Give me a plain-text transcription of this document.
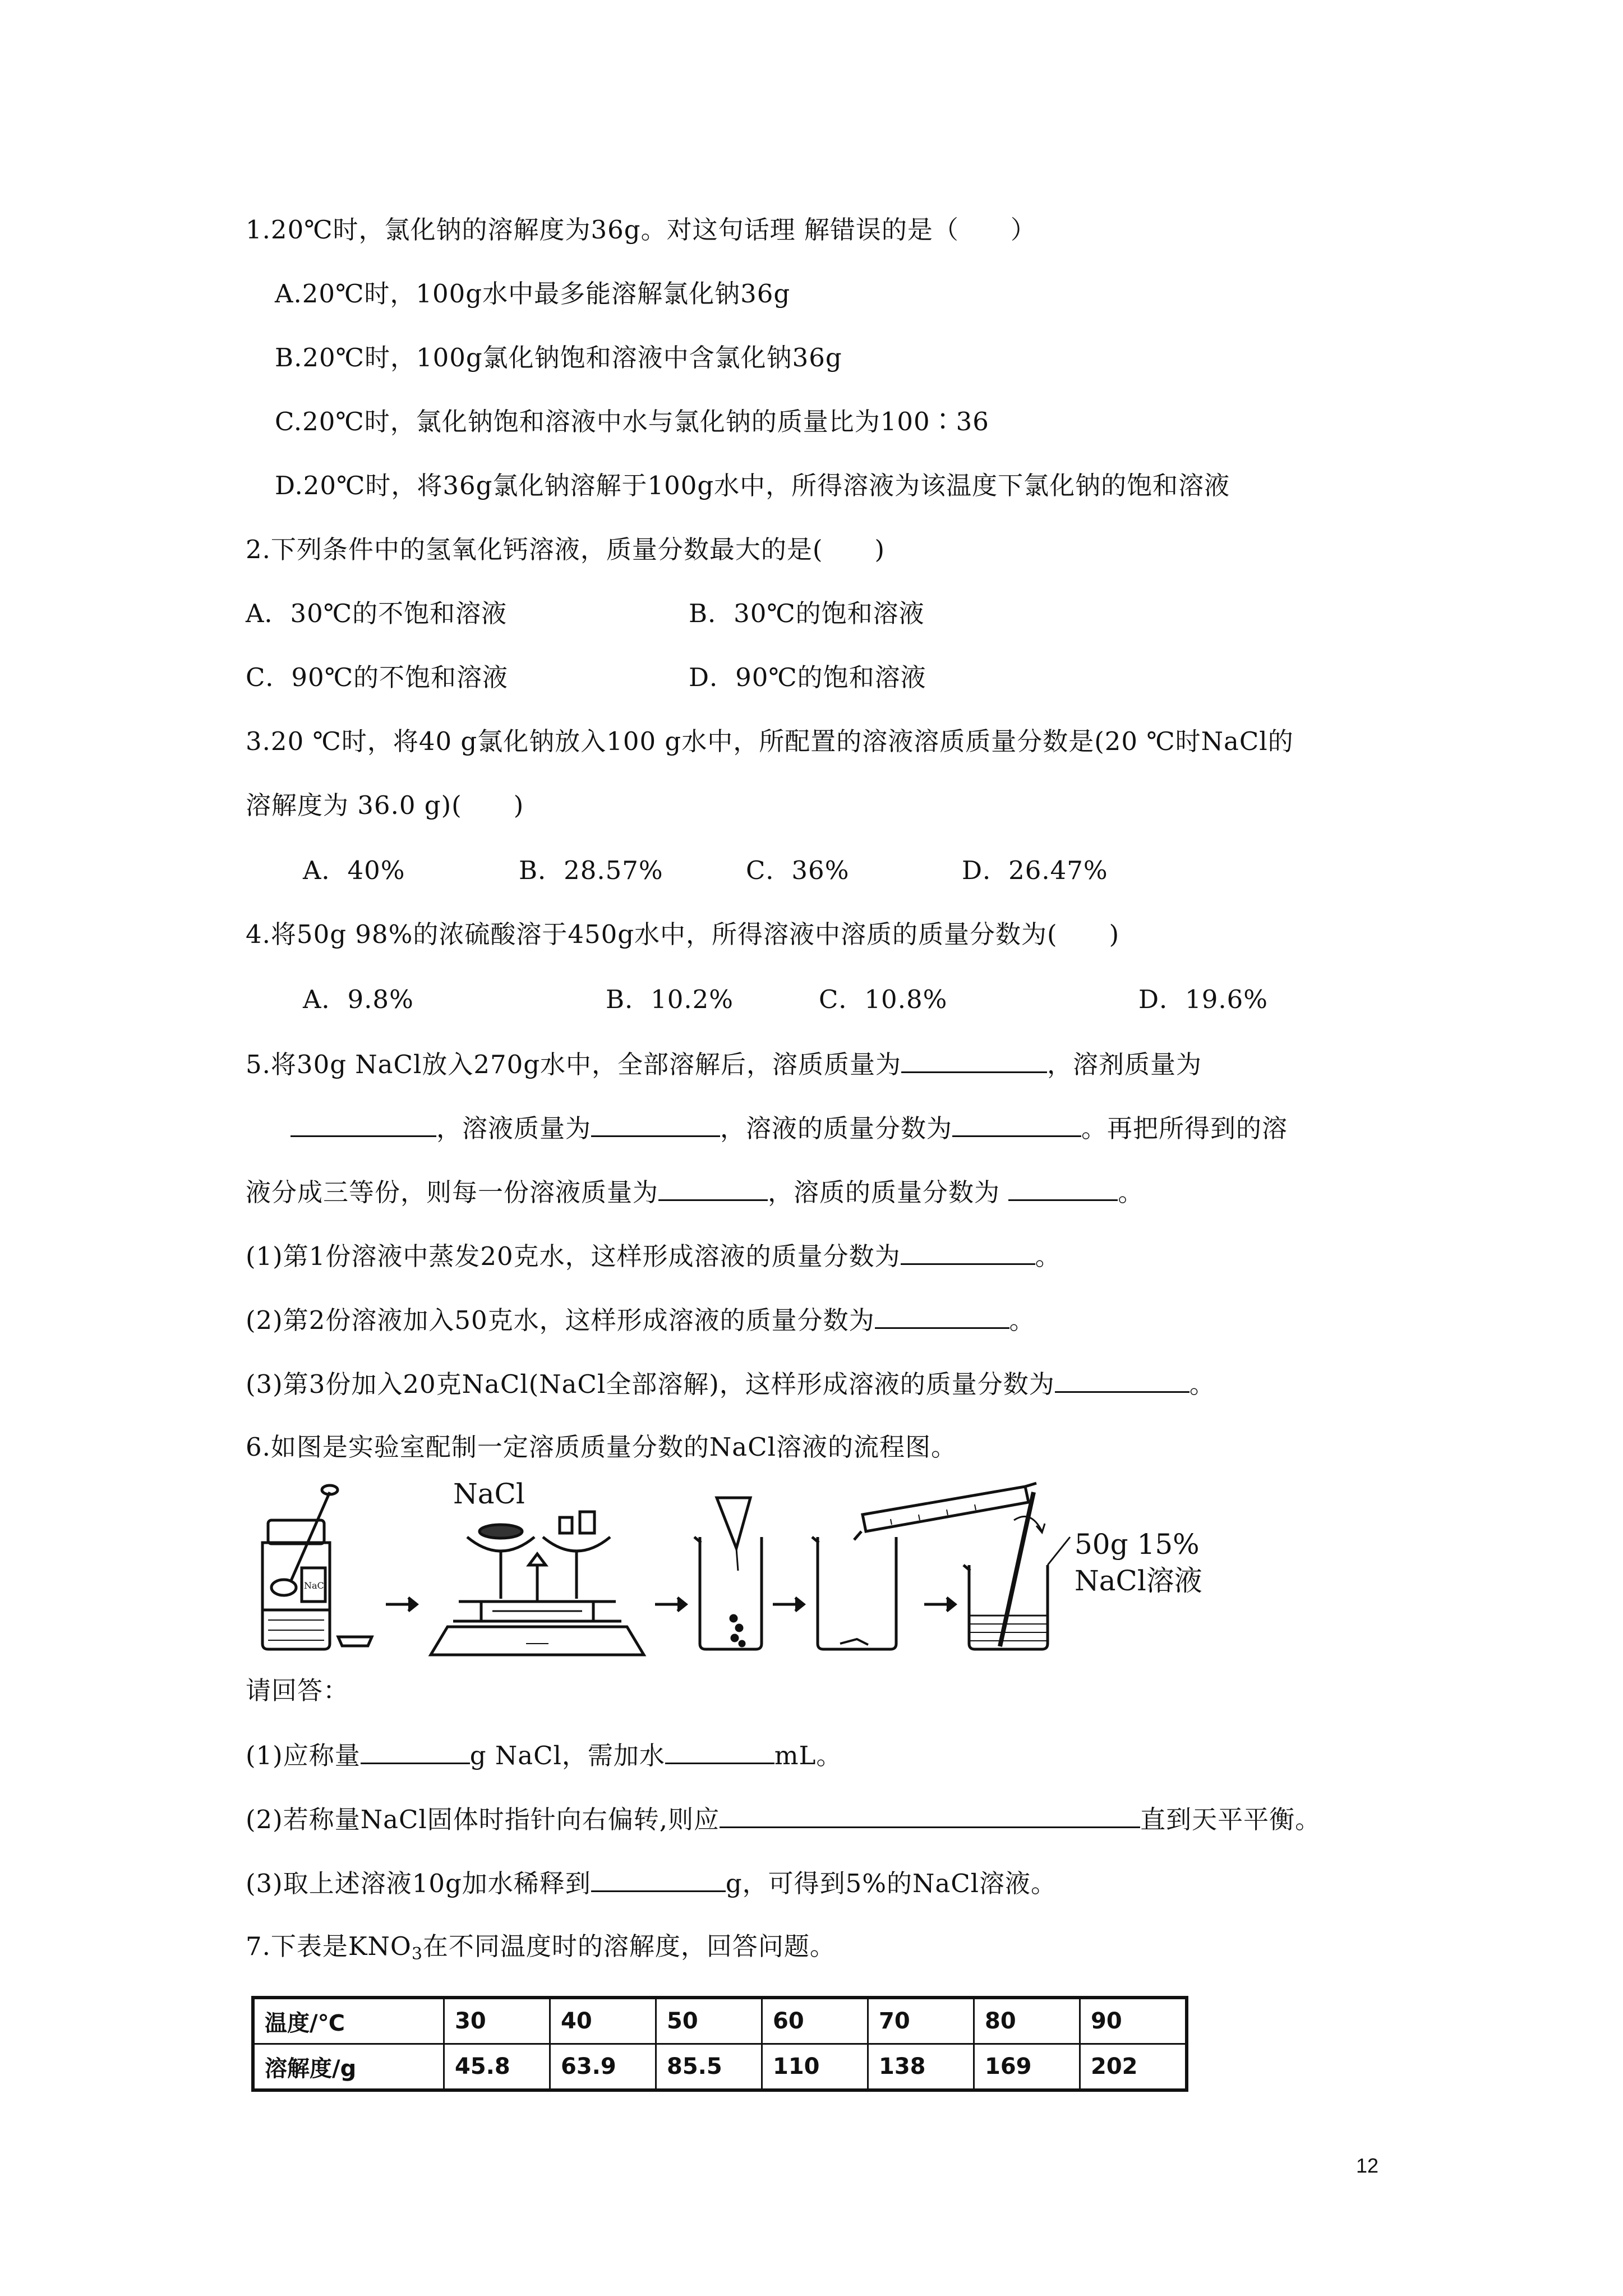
1.20℃时，氯化钠的溶解度为36g。对这句话理 解错误的是（　　）
A.20℃时，100g水中最多能溶解氯化钠36g
B.20℃时，100g氯化钠饱和溶液中含氯化钠36g
C.20℃时，氯化钠饱和溶液中水与氯化钠的质量比为100∶36
D.20℃时，将36g氯化钠溶解于100g水中，所得溶液为该温度下氯化钠的饱和溶液
2.下列条件中的氢氧化钙溶液，质量分数最大的是(　　)
A．30℃的不饱和溶液	B．30℃的饱和溶液
C．90℃的不饱和溶液	D．90℃的饱和溶液
3.20 ℃时，将40 g氯化钠放入100 g水中，所配置的溶液溶质质量分数是(20 ℃时NaCl的
溶解度为 36.0 g)(　　)
A．40%	B．28.57%	C．36%	D．26.47%
4.将50g 98%的浓硫酸溶于450g水中，所得溶液中溶质的质量分数为(　　)
A．9.8%	B．10.2%	C．10.8%	D．19.6%
5.将30g NaCl放入270g水中，全部溶解后，溶质质量为	，溶剂质量为
，溶液质量为	，溶液的质量分数为	。再把所得到的溶
液分成三等份，则每一份溶液质量为	，溶质的质量分数为	。
(1)第1份溶液中蒸发20克水，这样形成溶液的质量分数为	。
(2)第2份溶液加入50克水，这样形成溶液的质量分数为	。
(3)第3份加入20克NaCl(NaCl全部溶解)，这样形成溶液的质量分数为	。
6.如图是实验室配制一定溶质质量分数的NaCl溶液的流程图。
NaCl
NaCl
50g 15%
NaCl溶液
请回答：
(1)应称量	g NaCl，需加水	mL。
(2)若称量NaCl固体时指针向右偏转,则应	直到天平平衡。
(3)取上述溶液10g加水稀释到	g，可得到5%的NaCl溶液。
7.下表是$KNO_3$在不同温度时的溶解度，回答问题。
温度/℃	30	40	50	60	70	80	90
溶解度/g	45.8	63.9	85.5	110	138	169	202
12
